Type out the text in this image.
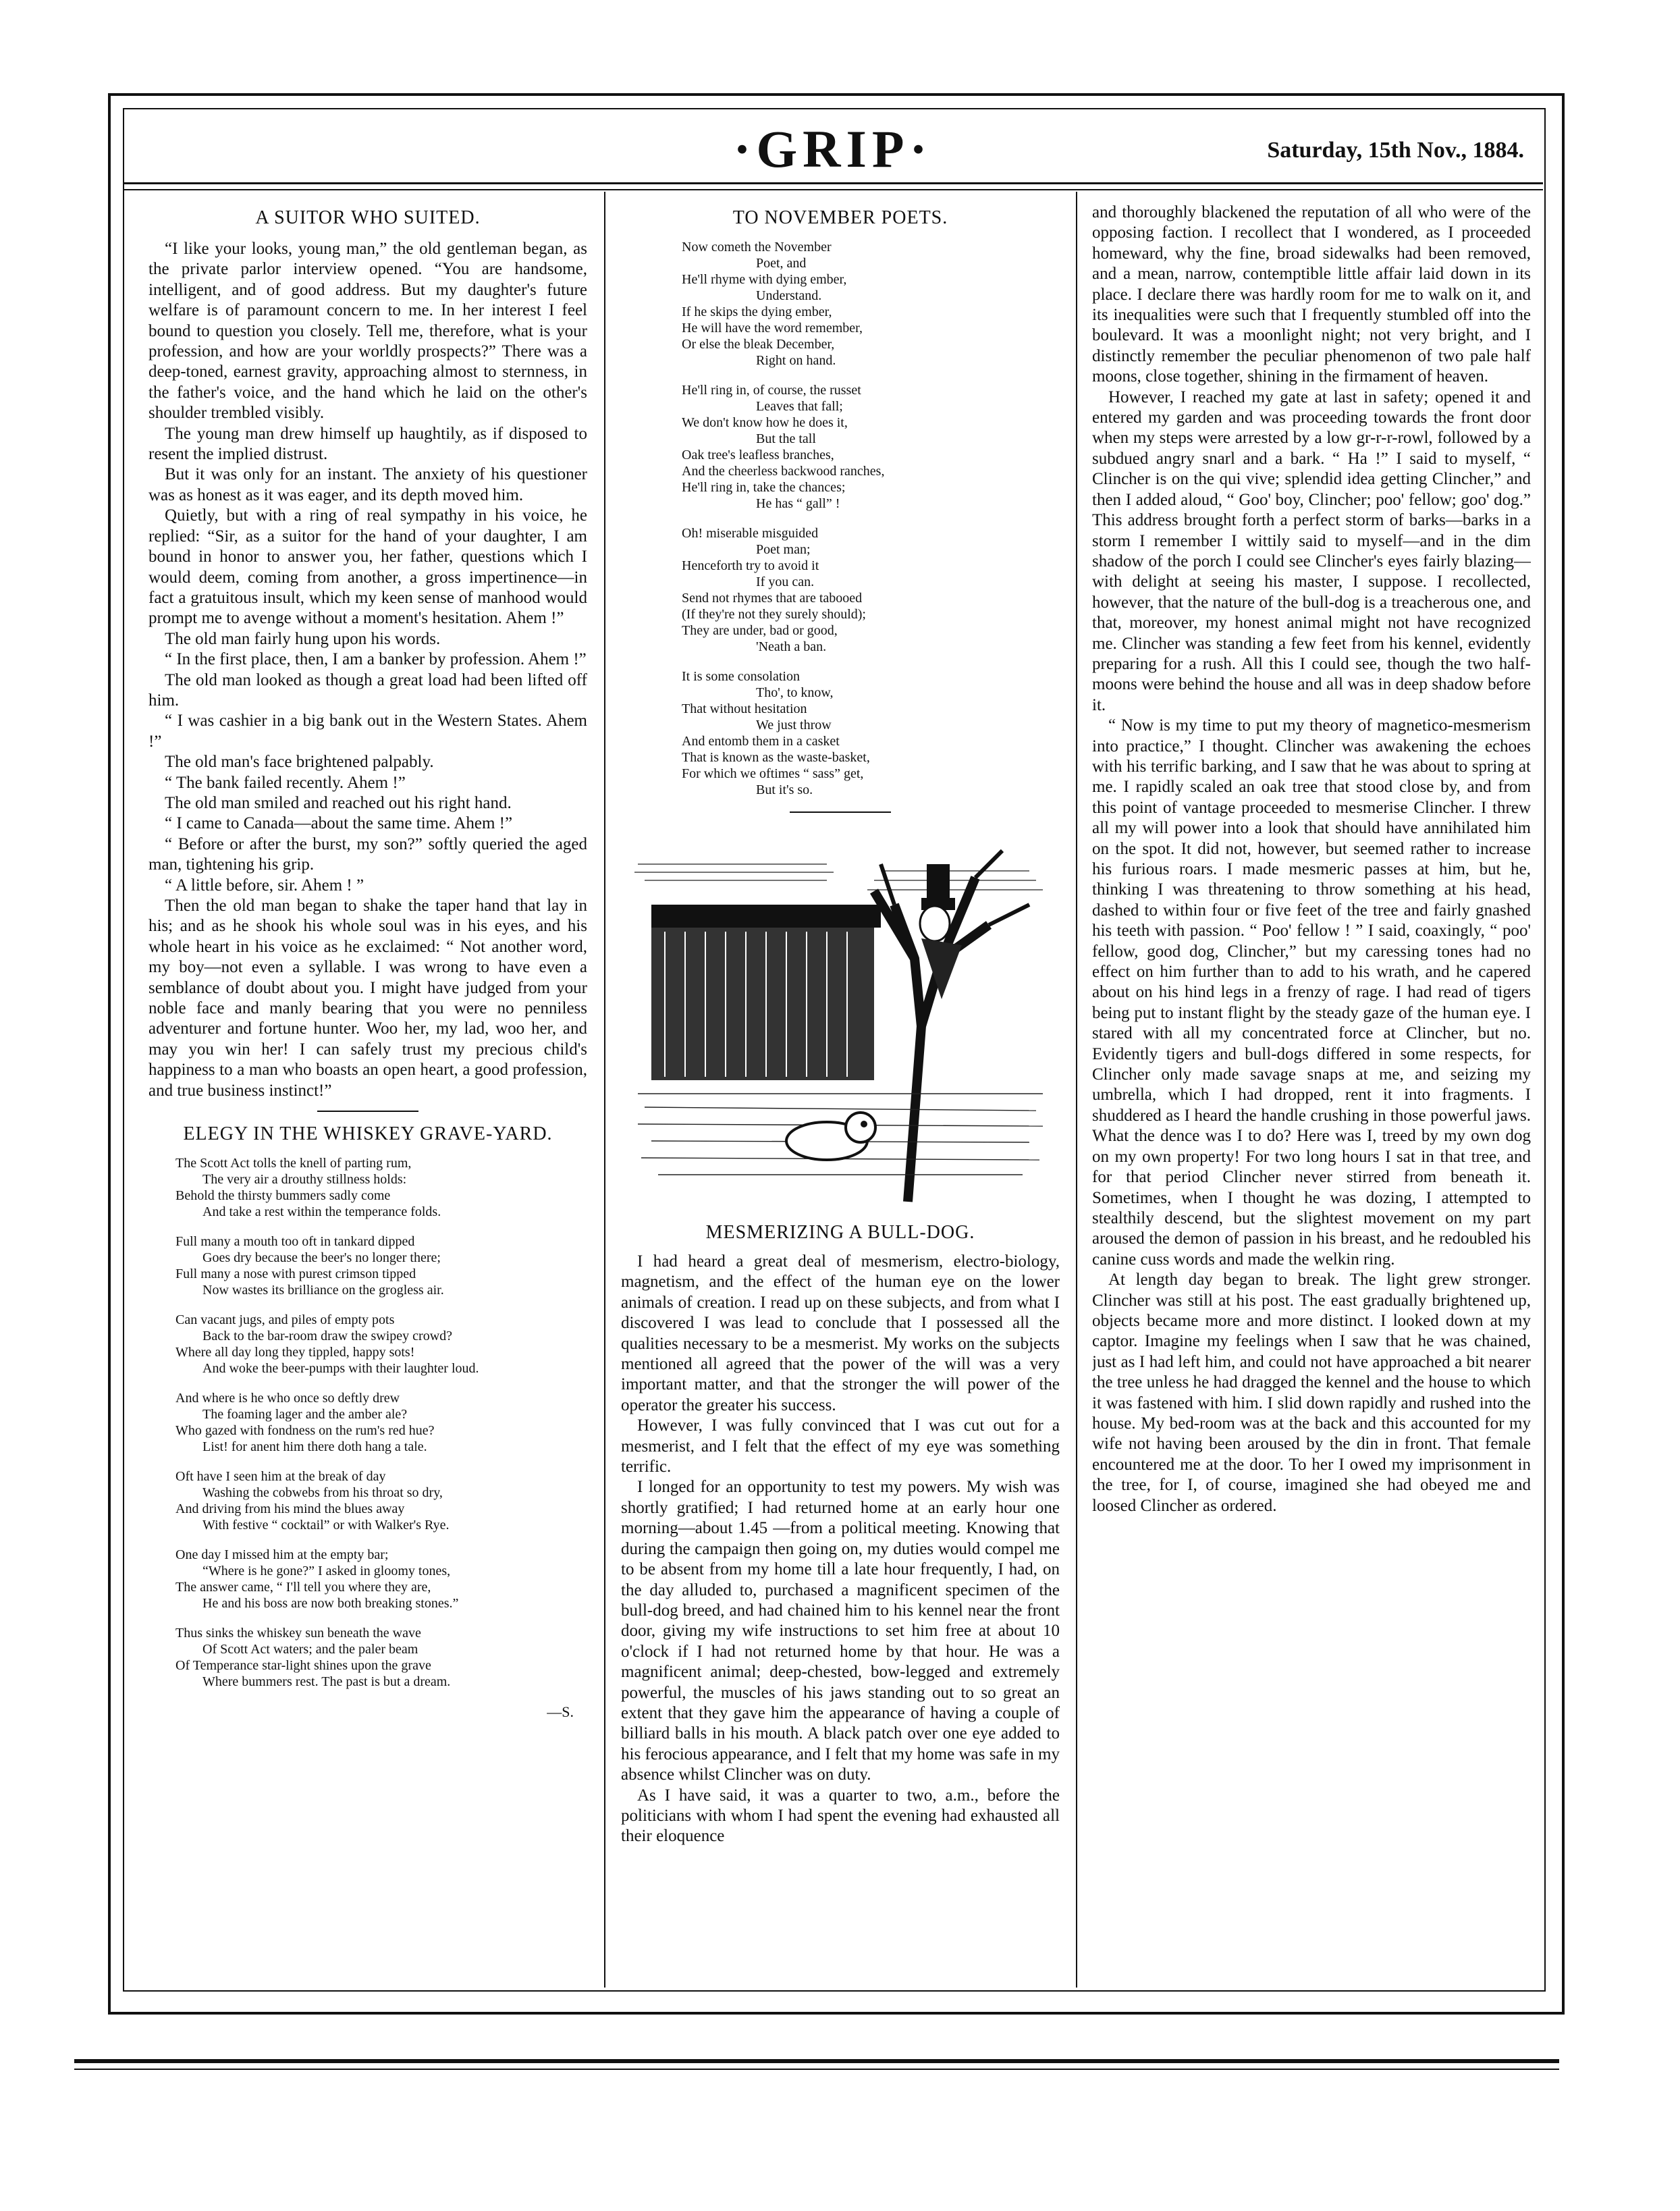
·GRIP·	Saturday, 15th Nov., 1884.
A SUITOR WHO SUITED.

“I like your looks, young man,” the old gentleman began, as the private parlor interview opened. “You are handsome, intelligent, and of good address. But my daughter's future welfare is of paramount concern to me. In her interest I feel bound to question you closely. Tell me, therefore, what is your profession, and how are your worldly prospects?” There was a deep-toned, earnest gravity, approaching almost to sternness, in the father's voice, and the hand which he laid on the other's shoulder trembled visibly.

The young man drew himself up haughtily, as if disposed to resent the implied distrust.

But it was only for an instant. The anxiety of his questioner was as honest as it was eager, and its depth moved him.

Quietly, but with a ring of real sympathy in his voice, he replied: “Sir, as a suitor for the hand of your daughter, I am bound in honor to answer you, her father, questions which I would deem, coming from another, a gross impertinence—in fact a gratuitous insult, which my keen sense of manhood would prompt me to avenge without a moment's hesitation. Ahem !”

The old man fairly hung upon his words.

“ In the first place, then, I am a banker by profession. Ahem !”

The old man looked as though a great load had been lifted off him.

“ I was cashier in a big bank out in the Western States. Ahem !”

The old man's face brightened palpably.

“ The bank failed recently. Ahem !”

The old man smiled and reached out his right hand.

“ I came to Canada—about the same time. Ahem !”

“ Before or after the burst, my son?” softly queried the aged man, tightening his grip.

“ A little before, sir. Ahem ! ”

Then the old man began to shake the taper hand that lay in his; and as he shook his whole soul was in his eyes, and his whole heart in his voice as he exclaimed: “ Not another word, my boy—not even a syllable. I was wrong to have even a semblance of doubt about you. I might have judged from your noble face and manly bearing that you were no penniless adventurer and fortune hunter. Woo her, my lad, woo her, and may you win her! I can safely trust my precious child's happiness to a man who boasts an open heart, a good profession, and true business instinct!”

ELEGY IN THE WHISKEY GRAVE-YARD.
The Scott Act tolls the knell of parting rum,
The very air a drouthy stillness holds:
Behold the thirsty bummers sadly come
And take a rest within the temperance folds.
Full many a mouth too oft in tankard dipped
Goes dry because the beer's no longer there;
Full many a nose with purest crimson tipped
Now wastes its brilliance on the grogless air.
Can vacant jugs, and piles of empty pots
Back to the bar-room draw the swipey crowd?
Where all day long they tippled, happy sots!
And woke the beer-pumps with their laughter loud.
And where is he who once so deftly drew
The foaming lager and the amber ale?
Who gazed with fondness on the rum's red hue?
List! for anent him there doth hang a tale.
Oft have I seen him at the break of day
Washing the cobwebs from his throat so dry,
And driving from his mind the blues away
With festive “ cocktail” or with Walker's Rye.
One day I missed him at the empty bar;
“Where is he gone?” I asked in gloomy tones,
The answer came, “ I'll tell you where they are,
He and his boss are now both breaking stones.”
Thus sinks the whiskey sun beneath the wave
Of Scott Act waters; and the paler beam
Of Temperance star-light shines upon the grave
Where bummers rest. The past is but a dream.
—S.
TO NOVEMBER POETS.
Now cometh the November
Poet, and
He'll rhyme with dying ember,
Understand.
If he skips the dying ember,
He will have the word remember,
Or else the bleak December,
Right on hand.
He'll ring in, of course, the russet
Leaves that fall;
We don't know how he does it,
But the tall
Oak tree's leafless branches,
And the cheerless backwood ranches,
He'll ring in, take the chances;
He has “ gall” !
Oh! miserable misguided
Poet man;
Henceforth try to avoid it
If you can.
Send not rhymes that are tabooed
(If they're not they surely should);
They are under, bad or good,
'Neath a ban.
It is some consolation
Tho', to know,
That without hesitation
We just throw
And entomb them in a casket
That is known as the waste-basket,
For which we oftimes “ sass” get,
But it's so.
MESMERIZING A BULL-DOG.

I had heard a great deal of mesmerism, electro-biology, magnetism, and the effect of the human eye on the lower animals of creation. I read up on these subjects, and from what I discovered I was lead to conclude that I possessed all the qualities necessary to be a mesmerist. My works on the subjects mentioned all agreed that the power of the will was a very important matter, and that the stronger the will power of the operator the greater his success.

However, I was fully convinced that I was cut out for a mesmerist, and I felt that the effect of my eye was something terrific.

I longed for an opportunity to test my powers. My wish was shortly gratified; I had returned home at an early hour one morning—about 1.45 —from a political meeting. Knowing that during the campaign then going on, my duties would compel me to be absent from my home till a late hour frequently, I had, on the day alluded to, purchased a magnificent specimen of the bull-dog breed, and had chained him to his kennel near the front door, giving my wife instructions to set him free at about 10 o'clock if I had not returned home by that hour. He was a magnificent animal; deep-chested, bow-legged and extremely powerful, the muscles of his jaws standing out to so great an extent that they gave him the appearance of having a couple of billiard balls in his mouth. A black patch over one eye added to his ferocious appearance, and I felt that my home was safe in my absence whilst Clincher was on duty.

As I have said, it was a quarter to two, a.m., before the politicians with whom I had spent the evening had exhausted all their eloquence

and thoroughly blackened the reputation of all who were of the opposing faction. I recollect that I wondered, as I proceeded homeward, why the fine, broad sidewalks had been removed, and a mean, narrow, contemptible little affair laid down in its place. I declare there was hardly room for me to walk on it, and its inequalities were such that I frequently stumbled off into the boulevard. It was a moonlight night; not very bright, and I distinctly remember the peculiar phenomenon of two pale half moons, close together, shining in the firmament of heaven.

However, I reached my gate at last in safety; opened it and entered my garden and was proceeding towards the front door when my steps were arrested by a low gr-r-r-rowl, followed by a subdued angry snarl and a bark. “ Ha !” I said to myself, “ Clincher is on the qui vive; splendid idea getting Clincher,” and then I added aloud, “ Goo' boy, Clincher; poo' fellow; goo' dog.” This address brought forth a perfect storm of barks—barks in a storm I remember I wittily said to myself—and in the dim shadow of the porch I could see Clincher's eyes fairly blazing—with delight at seeing his master, I suppose. I recollected, however, that the nature of the bull-dog is a treacherous one, and that, moreover, my honest animal might not have recognized me. Clincher was standing a few feet from his kennel, evidently preparing for a rush. All this I could see, though the two half-moons were behind the house and all was in deep shadow before it.

“ Now is my time to put my theory of magnetico-mesmerism into practice,” I thought. Clincher was awakening the echoes with his terrific barking, and I saw that he was about to spring at me. I rapidly scaled an oak tree that stood close by, and from this point of vantage proceeded to mesmerise Clincher. I threw all my will power into a look that should have annihilated him on the spot. It did not, however, but seemed rather to increase his furious roars. I made mesmeric passes at him, but he, thinking I was threatening to throw something at his head, dashed to within four or five feet of the tree and fairly gnashed his teeth with passion. “ Poo' fellow ! ” I said, coaxingly, “ poo' fellow, good dog, Clincher,” but my caressing tones had no effect on him further than to add to his wrath, and he capered about on his hind legs in a frenzy of rage. I had read of tigers being put to instant flight by the steady gaze of the human eye. I stared with all my concentrated force at Clincher, but no. Evidently tigers and bull-dogs differed in some respects, for Clincher only made savage snaps at me, and seizing my umbrella, which I had dropped, rent it into fragments. I shuddered as I heard the handle crushing in those powerful jaws. What the dence was I to do? Here was I, treed by my own dog on my own property! For two long hours I sat in that tree, and for that period Clincher never stirred from beneath it. Sometimes, when I thought he was dozing, I attempted to stealthily descend, but the slightest movement on my part aroused the demon of passion in his breast, and he redoubled his canine cuss words and made the welkin ring.

At length day began to break. The light grew stronger. Clincher was still at his post. The east gradually brightened up, objects became more and more distinct. I looked down at my captor. Imagine my feelings when I saw that he was chained, just as I had left him, and could not have approached a bit nearer the tree unless he had dragged the kennel and the house to which it was fastened with him. I slid down rapidly and rushed into the house. My bed-room was at the back and this accounted for my wife not having been aroused by the din in front. That female encountered me at the door. To her I owed my imprisonment in the tree, for I, of course, imagined she had obeyed me and loosed Clincher as ordered.
